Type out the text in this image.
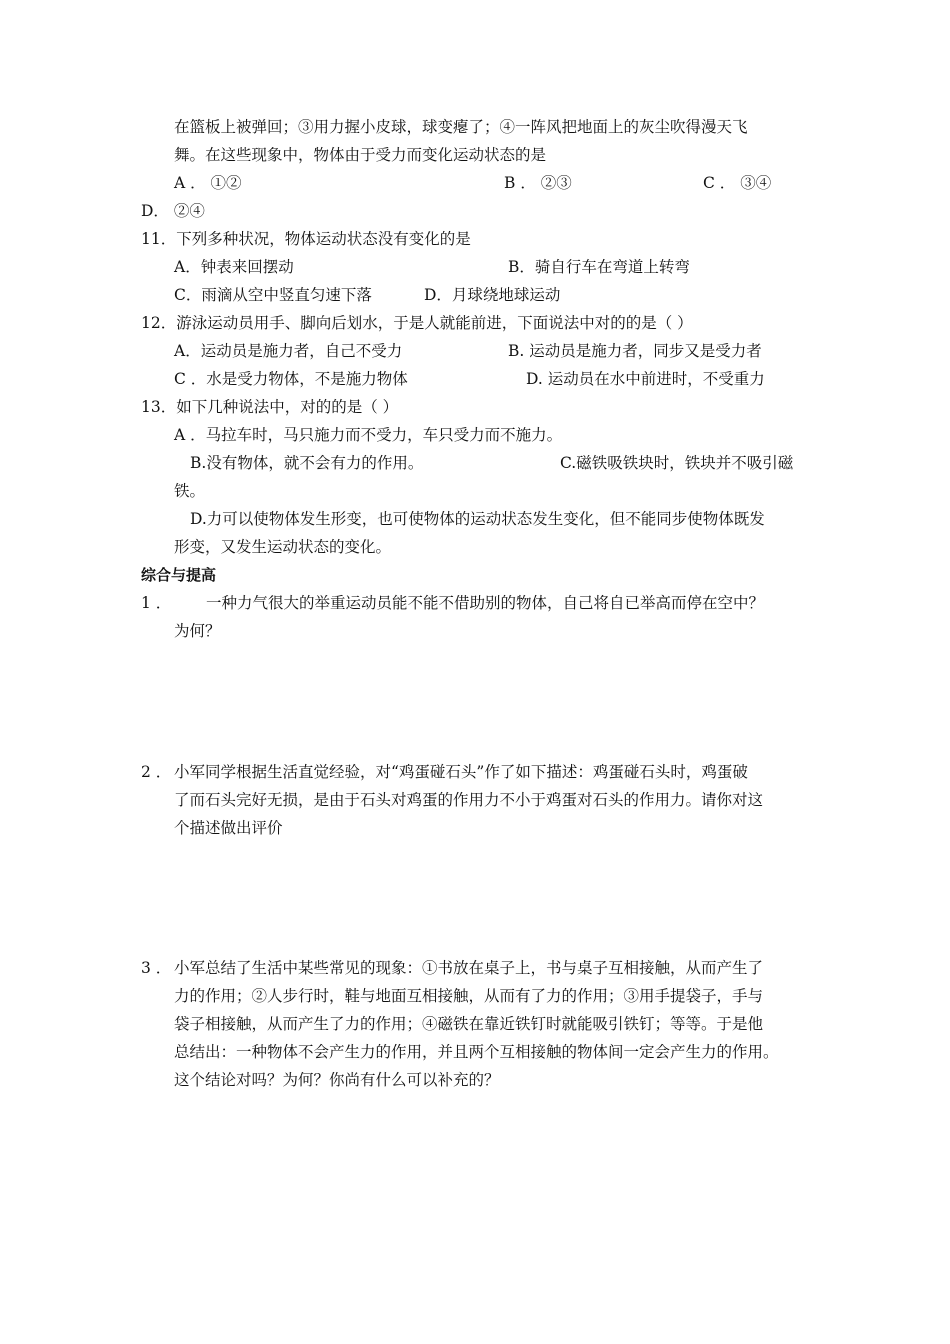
在篮板上被弹回；③用力握小皮球，球变瘪了；④一阵风把地面上的灰尘吹得漫天飞
舞。在这些现象中，物体由于受力而变化运动状态的是
A ． ①②	B ． ②③	C ． ③④
D． ②④
11．下列多种状况，物体运动状态没有变化的是
A．钟表来回摆动	B．骑自行车在弯道上转弯
C．雨滴从空中竖直匀速下落	D．月球绕地球运动
12．游泳运动员用手、脚向后划水，于是人就能前进，下面说法中对的的是（ ）
A．运动员是施力者，自己不受力	B. 运动员是施力者，同步又是受力者
C ．水是受力物体，不是施力物体	D. 运动员在水中前进时，不受重力
13．如下几种说法中，对的的是（ ）
A ．马拉车时，马只施力而不受力，车只受力而不施力。
B.没有物体，就不会有力的作用。	C.磁铁吸铁块时，铁块并不吸引磁
铁。
D.力可以使物体发生形变，也可使物体的运动状态发生变化，但不能同步使物体既发
形变，又发生运动状态的变化。
综合与提高
1 ． 一种力气很大的举重运动员能不能不借助别的物体，自己将自已举高而停在空中？
为何？
2 ． 小军同学根据生活直觉经验，对“鸡蛋碰石头”作了如下描述：鸡蛋碰石头时，鸡蛋破
了而石头完好无损，是由于石头对鸡蛋的作用力不小于鸡蛋对石头的作用力。请你对这
个描述做出评价
3 ． 小军总结了生活中某些常见的现象：①书放在桌子上，书与桌子互相接触，从而产生了
力的作用；②人步行时，鞋与地面互相接触，从而有了力的作用；③用手提袋子，手与
袋子相接触，从而产生了力的作用；④磁铁在靠近铁钉时就能吸引铁钉；等等。于是他
总结出：一种物体不会产生力的作用，并且两个互相接触的物体间一定会产生力的作用。
这个结论对吗？为何？你尚有什么可以补充的？
